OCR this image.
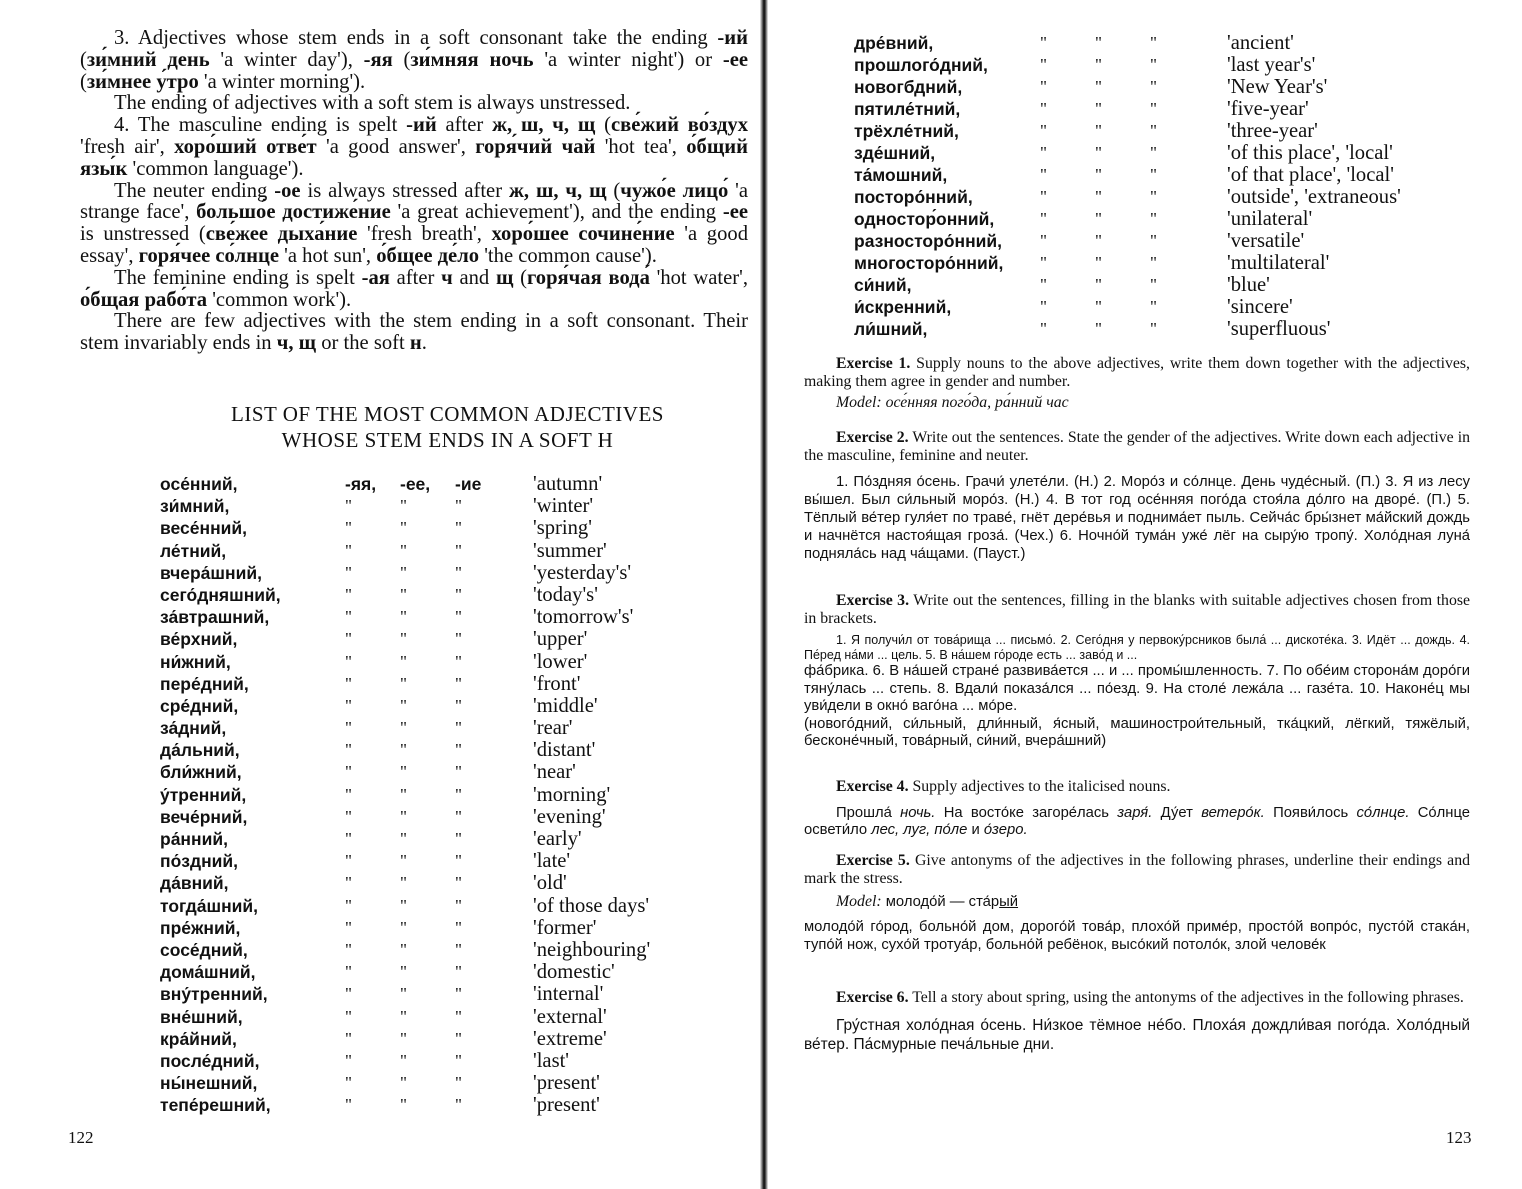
3. Adjectives whose stem ends in a soft consonant take the ending -ий (зи́мний день 'a winter day'), -яя (зи́мняя ночь 'a winter night') or -ее (зи́мнее у́тро 'a winter morning').
The ending of adjectives with a soft stem is always unstressed.
4. The masculine ending is spelt -ий after ж, ш, ч, щ (све́жий во́здух 'fresh air', хоро́ший отве́т 'a good answer', горя́чий чай 'hot tea', о́бщий язы́к 'common language').
The neuter ending -ое is always stressed after ж, ш, ч, щ (чужо́е лицо́ 'a strange face', большо́е достиже́ние 'a great achievement'), and the ending -ее is unstressed (све́жее дыха́ние 'fresh breath', хоро́шее сочине́ние 'a good essay', горя́чее со́лнце 'a hot sun', о́бщее де́ло 'the common cause').
The feminine ending is spelt -ая after ч and щ (горя́чая вода́ 'hot water', о́бщая рабо́та 'common work').
There are few adjectives with the stem ending in a soft consonant. Their stem invariably ends in ч, щ or the soft н.
LIST OF THE MOST COMMON ADJECTIVES
WHOSE STEM ENDS IN A SOFT Н
осе́нний,	-яя,	-ее,	-ие	'autumn'
зи́мний,	"	"	"	'winter'
весе́нний,	"	"	"	'spring'
ле́тний,	"	"	"	'summer'
вчера́шний,	"	"	"	'yesterday's'
сего́дняшний,	"	"	"	'today's'
за́втрашний,	"	"	"	'tomorrow's'
ве́рхний,	"	"	"	'upper'
ни́жний,	"	"	"	'lower'
пере́дний,	"	"	"	'front'
сре́дний,	"	"	"	'middle'
за́дний,	"	"	"	'rear'
да́льний,	"	"	"	'distant'
бли́жний,	"	"	"	'near'
у́тренний,	"	"	"	'morning'
вече́рний,	"	"	"	'evening'
ра́нний,	"	"	"	'early'
по́здний,	"	"	"	'late'
да́вний,	"	"	"	'old'
тогда́шний,	"	"	"	'of those days'
пре́жний,	"	"	"	'former'
сосе́дний,	"	"	"	'neighbouring'
дома́шний,	"	"	"	'domestic'
вну́тренний,	"	"	"	'internal'
вне́шний,	"	"	"	'external'
кра́йний,	"	"	"	'extreme'
после́дний,	"	"	"	'last'
ны́нешний,	"	"	"	'present'
тепе́решний,	"	"	"	'present'
122
дре́вний,	"	"	"	'ancient'
прошлого́дний,	"	"	"	'last year's'
новогбдний,	"	"	"	'New Year's'
пятиле́тний,	"	"	"	'five-year'
трёхле́тний,	"	"	"	'three-year'
зде́шний,	"	"	"	'of this place', 'local'
та́мошний,	"	"	"	'of that place', 'local'
посторо́нний,	"	"	"	'outside', 'extraneous'
одностор́онний,	"	"	"	'unilateral'
разносторо́нний,	"	"	"	'versatile'
многосторо́нний,	"	"	"	'multilateral'
си́ний,	"	"	"	'blue'
и́скренний,	"	"	"	'sincere'
ли́шний,	"	"	"	'superfluous'
Exercise 1. Supply nouns to the above adjectives, write them down together with the adjectives, making them agree in gender and number.
Model: осе́нняя пого́да, ра́нний час
Exercise 2. Write out the sentences. State the gender of the adjectives. Write down each adjective in the masculine, feminine and neuter.
1. По́здняя о́сень. Грачи́ улете́ли. (Н.) 2. Моро́з и со́лнце. День чуде́сный. (П.) 3. Я из лесу вы́шел. Был си́льный моро́з. (Н.) 4. В тот год осе́нняя пого́да стоя́ла до́лго на дворе́. (П.) 5. Тёплый ве́тер гуля́ет по траве́, гнёт дере́вья и поднима́ет пыль. Сейча́с бры́знет ма́йский дождь и начнётся настоя́щая гроза́. (Чех.) 6. Ночно́й тума́н уже́ лёг на сыру́ю тропу́. Холо́дная луна́ подняла́сь над ча́щами. (Пауст.)
Exercise 3. Write out the sentences, filling in the blanks with suitable adjectives chosen from those in brackets.
1. Я получи́л от това́рища ... письмо́. 2. Сего́дня у первоку́рсников была́ ... дискоте́ка. 3. Идёт ... дождь. 4. Пе́ред на́ми ... цель. 5. В на́шем го́роде есть ... заво́д и ...
фа́брика. 6. В на́шей стране́ развива́ется ... и ... промы́шленность. 7. По обе́им сторона́м доро́ги тяну́лась ... степь. 8. Вдали́ показа́лся ... по́езд. 9. На столе́ лежа́ла ... газе́та. 10. Наконе́ц мы уви́дели в окно́ ваго́на ... мо́ре.
(новогóдний, си́льный, дли́нный, я́сный, машинострои́тельный, тка́цкий, лёгкий, тяжёлый, бесконе́чный, това́рный, си́ний, вчера́шний)
Exercise 4. Supply adjectives to the italicised nouns.
Прошла́ ночь. На восто́ке загоре́лась заря́. Ду́ет ветеро́к. Появи́лось со́лнце. Со́лнце освети́ло лес, луг, по́ле и о́зеро.
Exercise 5. Give antonyms of the adjectives in the following phrases, underline their endings and mark the stress.
Model: молодо́й — ста́рый
молодо́й го́род, больно́й дом, дорого́й това́р, плохо́й приме́р, просто́й вопро́с, пусто́й стака́н, тупо́й нож, сухо́й тротуа́р, больно́й ребёнок, высо́кий потоло́к, злой челове́к
Exercise 6. Tell a story about spring, using the antonyms of the adjectives in the following phrases.
Гру́стная холо́дная о́сень. Ни́зкое тёмное не́бо. Плоха́я дождли́вая пого́да. Холо́дный ве́тер. Па́смурные печа́льные дни.
123
